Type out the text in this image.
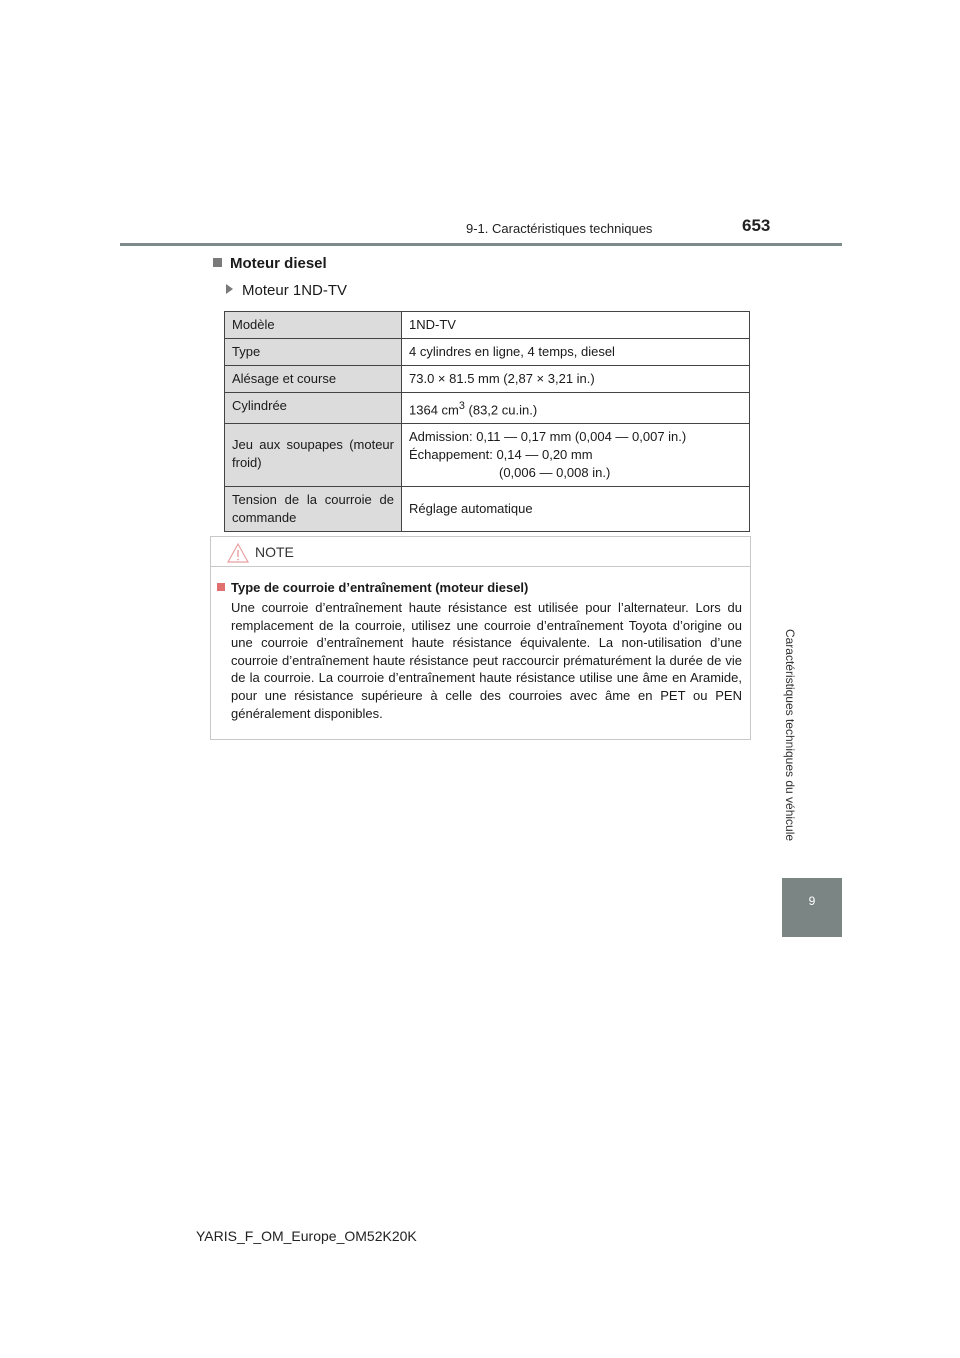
9-1. Caractéristiques techniques	653
Moteur diesel
Moteur 1ND-TV
Modèle	1ND-TV
Type	4 cylindres en ligne, 4 temps, diesel
Alésage et course	73.0 × 81.5 mm (2,87 × 3,21 in.)
Cylindrée	1364 $cm^3$ (83,2 cu.in.)
Jeu aux soupapes (moteur froid)	Admission: 0,11 — 0,17 mm (0,004 — 0,007 in.)
Échappement: 0,14 — 0,20 mm
(0,006 — 0,008 in.)

Tension de la courroie de commande	Réglage automatique
NOTE
Type de courroie d’entraînement (moteur diesel)
Une courroie d’entraînement haute résistance est utilisée pour l’alternateur. Lors du remplacement de la courroie, utilisez une courroie d’entraînement Toyota d’origine ou une courroie d’entraînement haute résistance équivalente. La non-utilisation d’une courroie d’entraînement haute résistance peut raccourcir prématurément la durée de vie de la courroie. La courroie d’entraînement haute résistance utilise une âme en Aramide, pour une résistance supérieure à celle des courroies avec âme en PET ou PEN généralement disponibles.	Caractéristiques techniques du véhicule
9
YARIS_F_OM_Europe_OM52K20K
